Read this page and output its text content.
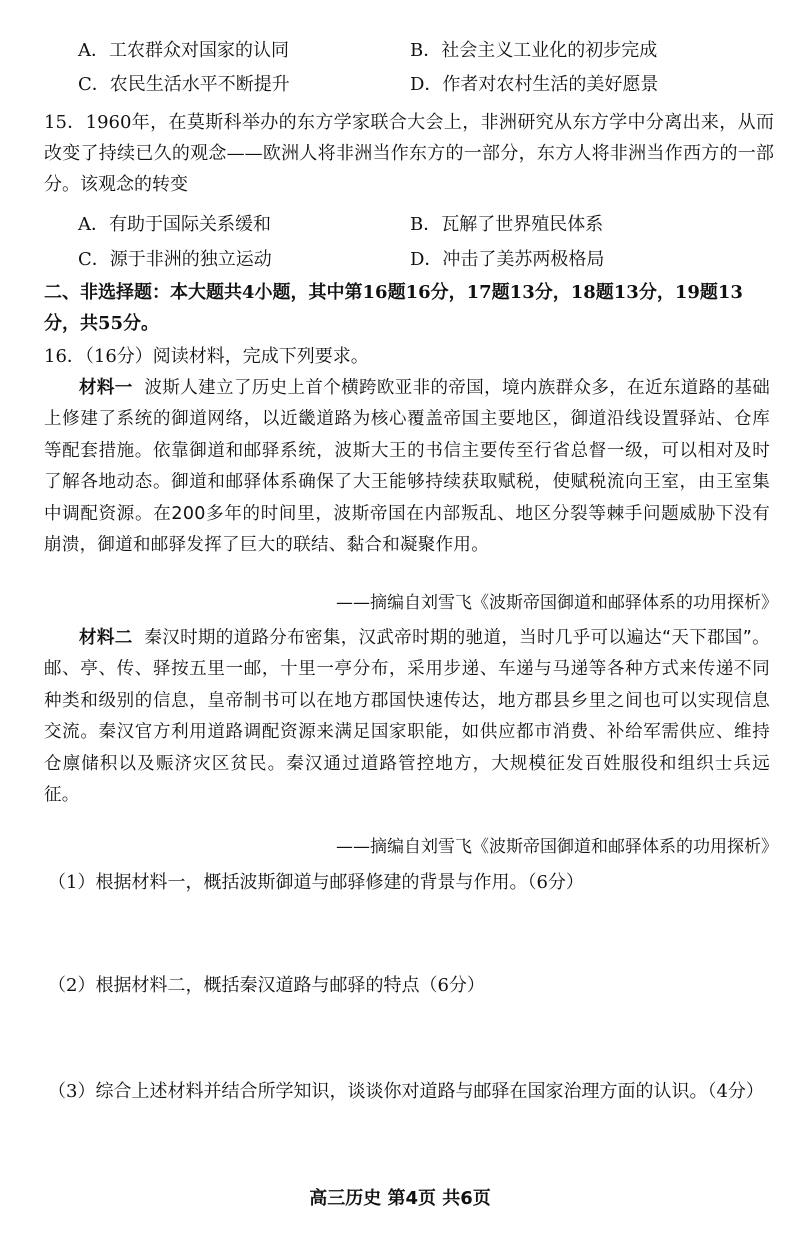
A．工农群众对国家的认同	B．社会主义工业化的初步完成
C．农民生活水平不断提升	D．作者对农村生活的美好愿景
15．1960年，在莫斯科举办的东方学家联合大会上，非洲研究从东方学中分离出来，从而改变了持续已久的观念——欧洲人将非洲当作东方的一部分，东方人将非洲当作西方的一部分。该观念的转变
A．有助于国际关系缓和	B．瓦解了世界殖民体系
C．源于非洲的独立运动	D．冲击了美苏两极格局
二、非选择题：本大题共4小题，其中第16题16分，17题13分，18题13分，19题13分，共55分。
16．（16分）阅读材料，完成下列要求。
材料一 波斯人建立了历史上首个横跨欧亚非的帝国，境内族群众多，在近东道路的基础上修建了系统的御道网络，以近畿道路为核心覆盖帝国主要地区，御道沿线设置驿站、仓库等配套措施。依靠御道和邮驿系统，波斯大王的书信主要传至行省总督一级，可以相对及时了解各地动态。御道和邮驿体系确保了大王能够持续获取赋税，使赋税流向王室，由王室集中调配资源。在200多年的时间里，波斯帝国在内部叛乱、地区分裂等棘手问题威胁下没有崩溃，御道和邮驿发挥了巨大的联结、黏合和凝聚作用。
——摘编自刘雪飞《波斯帝国御道和邮驿体系的功用探析》
材料二 秦汉时期的道路分布密集，汉武帝时期的驰道，当时几乎可以遍达“天下郡国”。邮、亭、传、驿按五里一邮，十里一亭分布，采用步递、车递与马递等各种方式来传递不同种类和级别的信息，皇帝制书可以在地方郡国快速传达，地方郡县乡里之间也可以实现信息交流。秦汉官方利用道路调配资源来满足国家职能，如供应都市消费、补给军需供应、维持仓廪储积以及赈济灾区贫民。秦汉通过道路管控地方，大规模征发百姓服役和组织士兵远征。
——摘编自刘雪飞《波斯帝国御道和邮驿体系的功用探析》
（1）根据材料一，概括波斯御道与邮驿修建的背景与作用。（6分）
（2）根据材料二，概括秦汉道路与邮驿的特点（6分）
（3）综合上述材料并结合所学知识，谈谈你对道路与邮驿在国家治理方面的认识。（4分）
高三历史 第4页 共6页
